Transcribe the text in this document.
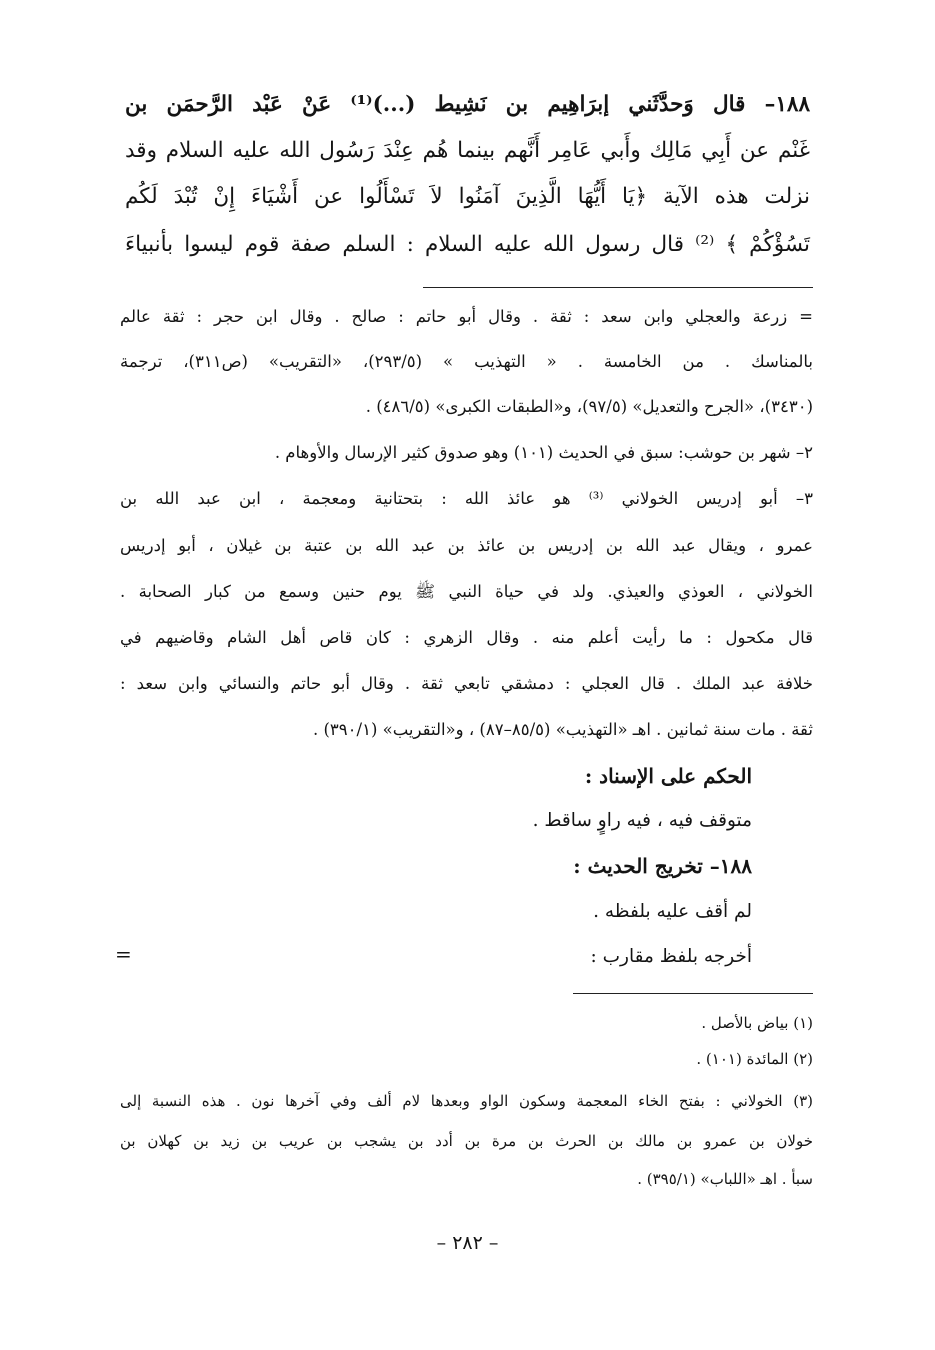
١٨٨– قال وَحدَّثَني إبرَاهِيم بن نَشِيط (...)⁽¹⁾ عَنْ عَبْد الرَّحمَن بن
غَنْم عن أَبِي مَالِك وأَبي عَامِر أَنَّهم بينما هُم عِنْدَ رَسُول الله عليه السلام وقد
نزلت هذه الآية ﴿يَا أَيُّهَا الَّذِينَ آمَنُوا لاَ تَسْأَلُوا عن أَشْيَاءَ إِنْ تُبْدَ لَكُم
تَسُؤْكُمْ ﴾ ⁽²⁾ قال رسول الله عليه السلام : السلم صفة قوم ليسوا بأنبياءَ
= زرعة والعجلي وابن سعد : ثقة . وقال أبو حاتم : صالح . وقال ابن حجر : ثقة عالم
بالمناسك . من الخامسة . « التهذيب » (٢٩٣/٥)، «التقريب» (ص٣١١)، ترجمة
(٣٤٣٠)، «الجرح والتعديل» (٩٧/٥)، و«الطبقات الكبرى» (٤٨٦/٥) .
٢– شهر بن حوشب: سبق في الحديث (١٠١) وهو صدوق كثير الإرسال والأوهام .
٣– أبو إدريس الخولاني ⁽³⁾ هو عائذ الله : بتحتانية ومعجمة ، ابن عبد الله بن
عمرو ، ويقال عبد الله بن إدريس بن عائذ بن عبد الله بن عتبة بن غيلان ، أبو إدريس
الخولاني ، العوذي والعيذي. ولد في حياة النبي ﷺ يوم حنين وسمع من كبار الصحابة .
قال مكحول : ما رأيت أعلم منه . وقال الزهري : كان قاص أهل الشام وقاضيهم في
خلافة عبد الملك . قال العجلي : دمشقي تابعي ثقة . وقال أبو حاتم والنسائي وابن سعد :
ثقة . مات سنة ثمانين . اهـ «التهذيب» (٨٥/٥–٨٧) ، و«التقريب» (٣٩٠/١) .
الحكم على الإسناد :
متوقف فيه ، فيه راوٍ ساقط .
١٨٨– تخريج الحديث :
لم أقف عليه بلفظه .
أخرجه بلفظ مقارب :
=
(١) بياض بالأصل .
(٢) المائدة (١٠١) .
(٣) الخولاني : بفتح الخاء المعجمة وسكون الواو وبعدها لام ألف وفي آخرها نون . هذه النسبة إلى
خولان بن عمرو بن مالك بن الحرث بن مرة بن أدد بن يشجب بن عريب بن زيد بن كهلان بن
سبأ . اهـ «اللباب» (٣٩٥/١) .
– ٢٨٢ –
